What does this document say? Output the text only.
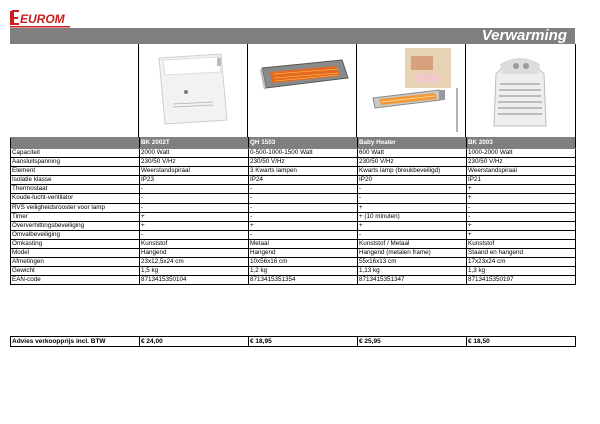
EUROM
Verwarming
	BK 2002T	QH 1503	Baby Heater	BK 2003
Capaciteit	2000 Watt	0-500-1000-1500 Watt	600 Watt	1000-2000 Watt
Aansluitspanning	230/50 V/Hz	230/50 V/Hz	230/50 V/Hz	230/50 V/Hz
Element	Weerstandspiraal	3 Kwarts lampen	Kwarts lamp (breukbeveiligd)	Weerstandspiraal
Isolatie klasse	IP23	IP24	IP20	IP21
Thermostaat	-	-	-	+
Koude-lucht-ventilator	-	-	-	+
RVS veiligheidsrooster voor lamp	-	-	+	-
Timer	+	-	+ (10 minuten)	-
Oververhittingsbeveiliging	+	+	+	+
Omvalbeveiliging	-	-	-	+
Omkasting	Kunststof	Metaal	Kunststof / Metaal	Kunststof
Model	Hangend	Hangend	Hangend (metalen frame)	Staand en hangend
Afmetingen	23x12,5x24 cm	10x56x16 cm	55x16x13 cm	17x23x24 cm
Gewicht	1,5 kg	1,2 kg	1,13 kg	1,3 kg
EAN-code	8713415350104	8713415351354	8713415351347	8713415350197
Advies verkoopprijs incl. BTW	€ 24,00	€ 18,95	€ 25,95	€ 18,50
